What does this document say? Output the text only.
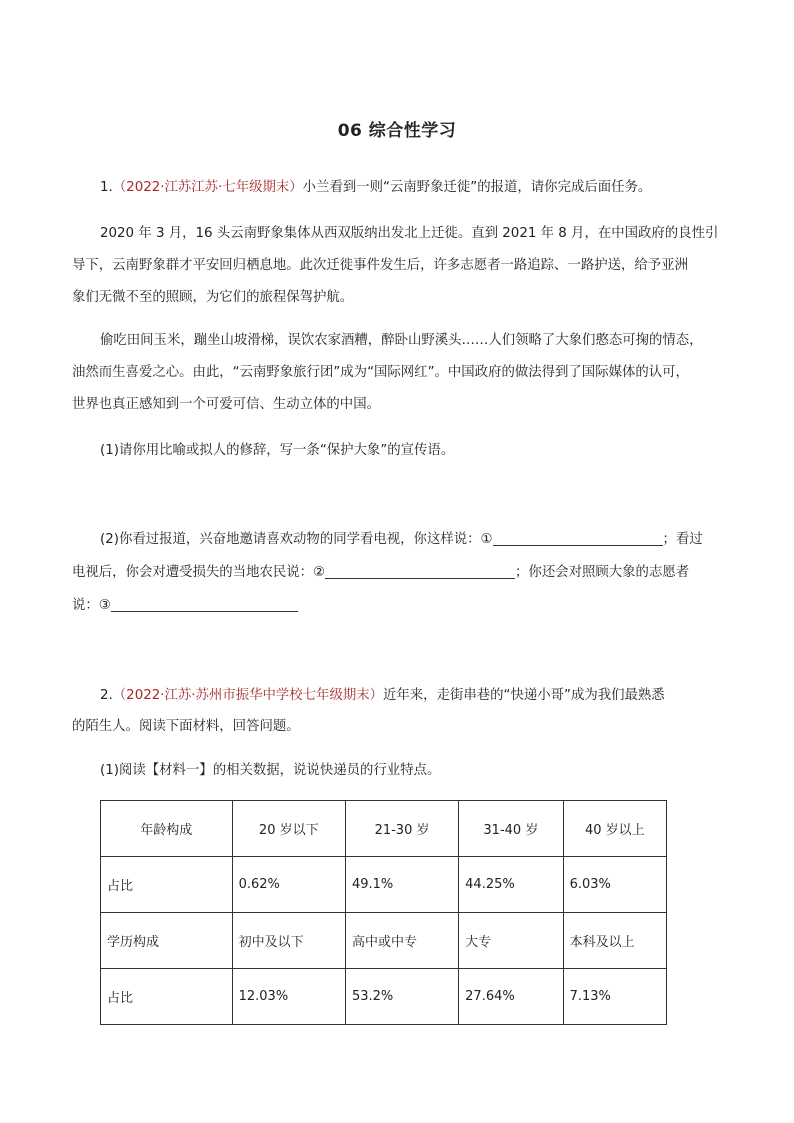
06 综合性学习
1.（2022·江苏江苏·七年级期末）小兰看到一则“云南野象迁徙”的报道，请你完成后面任务。
2020 年 3 月，16 头云南野象集体从西双版纳出发北上迁徙。直到 2021 年 8 月，在中国政府的良性引
导下，云南野象群才平安回归栖息地。此次迁徙事件发生后，许多志愿者一路追踪、一路护送，给予亚洲
象们无微不至的照顾，为它们的旅程保驾护航。
偷吃田间玉米，蹦坐山坡滑梯，误饮农家酒糟，醉卧山野溪头……人们领略了大象们憨态可掬的情态，
油然而生喜爱之心。由此，“云南野象旅行团”成为“国际网红”。中国政府的做法得到了国际媒体的认可，
世界也真正感知到一个可爱可信、生动立体的中国。
(1)请你用比喻或拟人的修辞，写一条“保护大象”的宣传语。
(2)你看过报道，兴奋地邀请喜欢动物的同学看电视，你这样说：①	；看过
电视后，你会对遭受损失的当地农民说：②	；你还会对照顾大象的志愿者
说：③
2.（2022·江苏·苏州市振华中学校七年级期末）近年来，走街串巷的“快递小哥”成为我们最熟悉
的陌生人。阅读下面材料，回答问题。
(1)阅读【材料一】的相关数据，说说快递员的行业特点。
年龄构成	20 岁以下	21-30 岁	31-40 岁	40 岁以上
占比	0.62%	49.1%	44.25%	6.03%
学历构成	初中及以下	高中或中专	大专	本科及以上
占比	12.03%	53.2%	27.64%	7.13%
